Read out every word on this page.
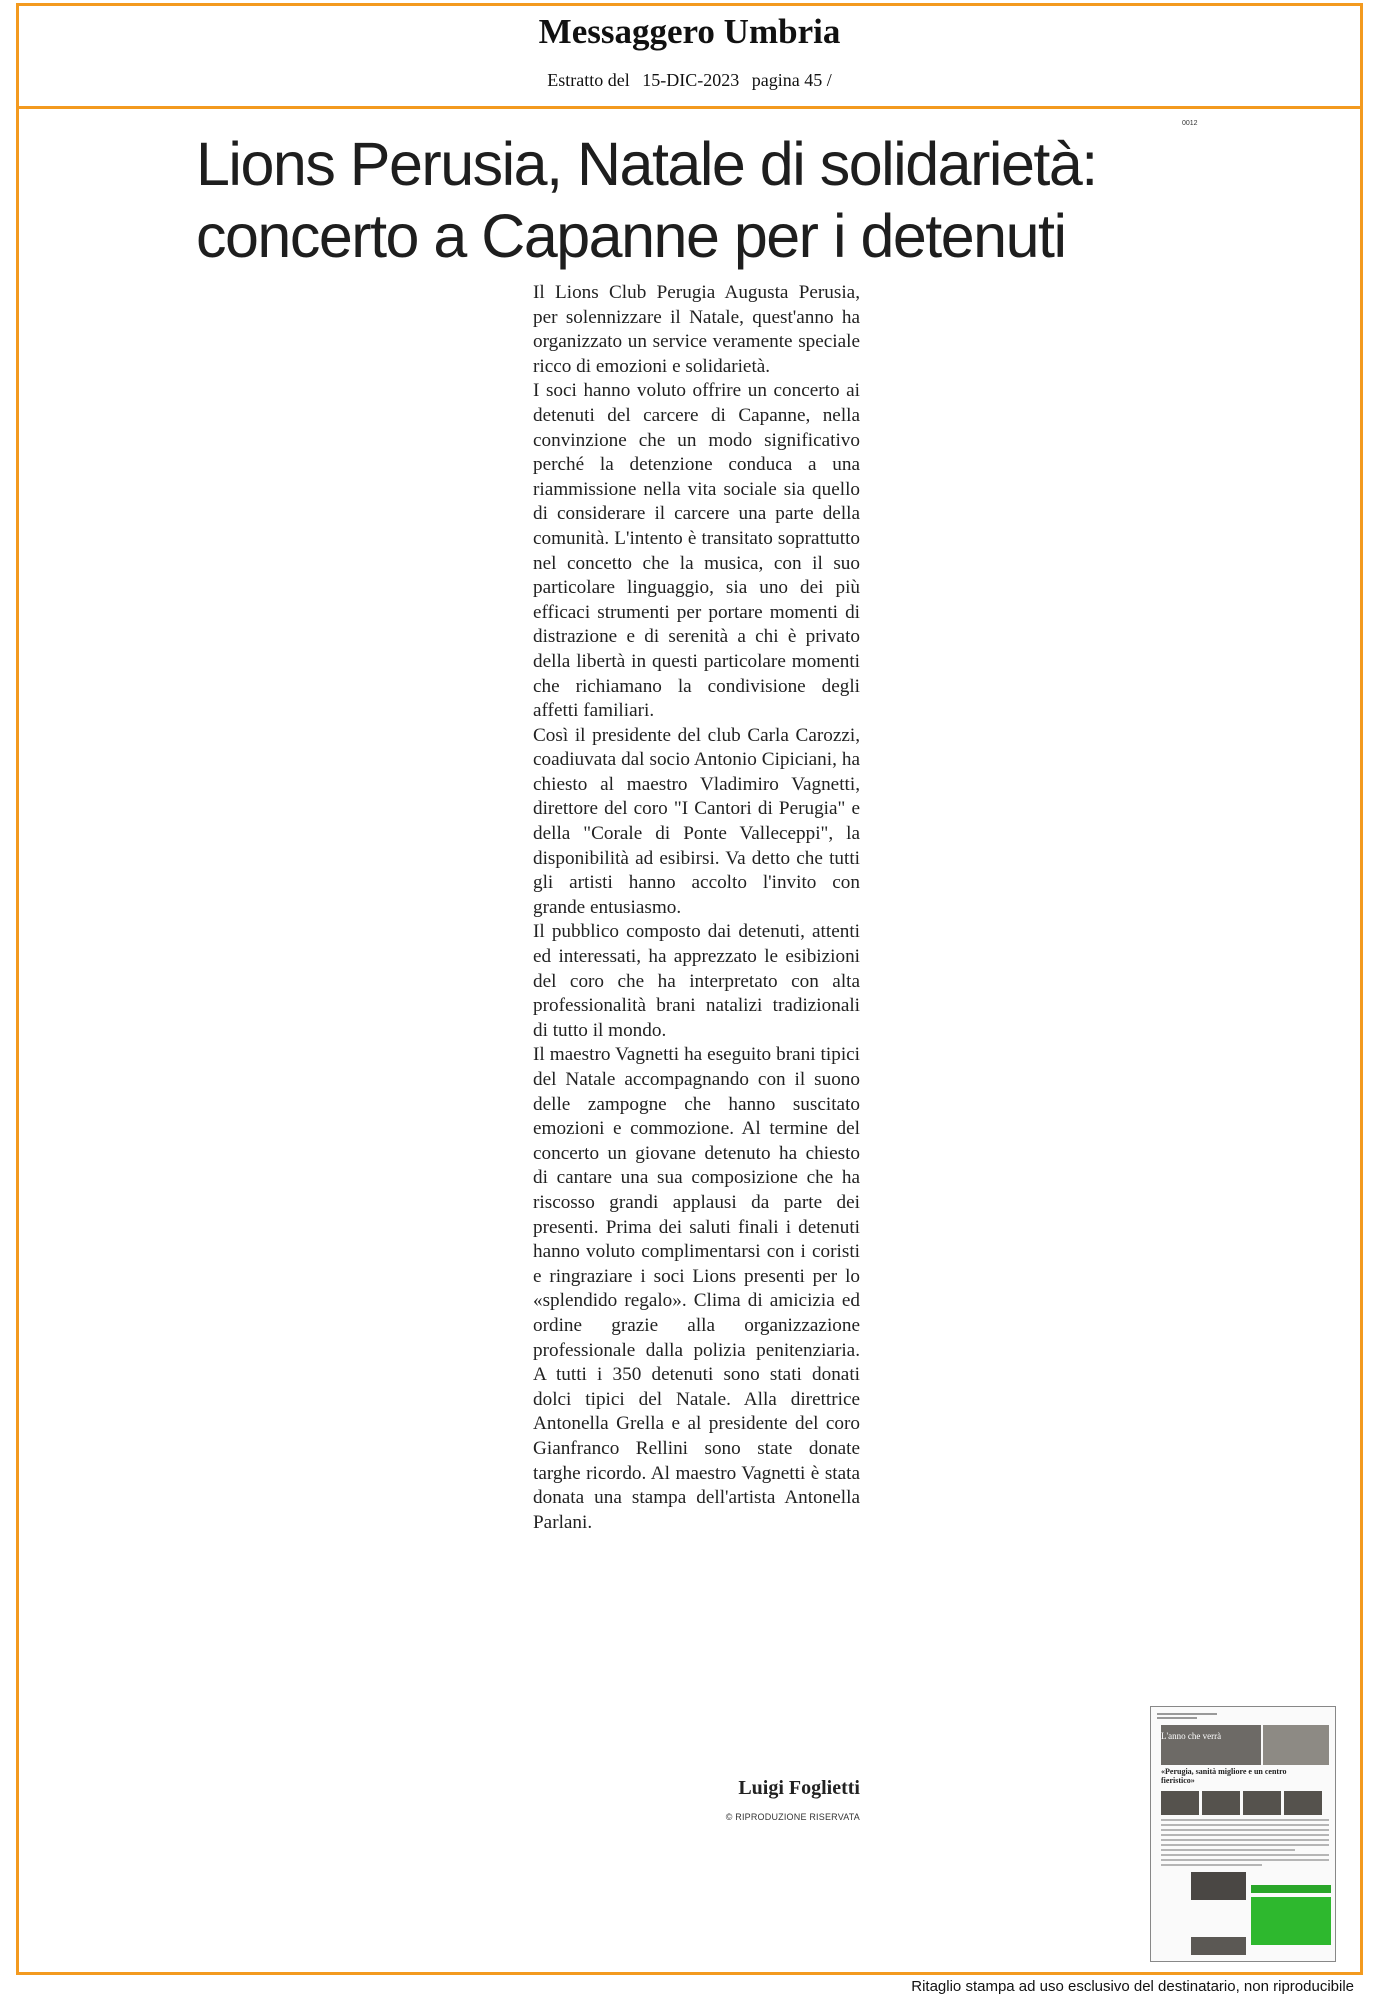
Messaggero Umbria
Estratto del 15-DIC-2023 pagina 45 /
0012
Lions Perusia, Natale di solidarietà:
concerto a Capanne per i detenuti

Il Lions Club Perugia Augusta Perusia, per solennizzare il Natale, quest'anno ha organizzato un service veramente speciale ricco di emozioni e solidarietà.

I soci hanno voluto offrire un concerto ai detenuti del carcere di Capanne, nella convinzione che un modo significativo perché la detenzione conduca a una riammissione nella vita sociale sia quello di considerare il carcere una parte della comunità. L'intento è transitato soprattutto nel concetto che la musica, con il suo particolare linguaggio, sia uno dei più efficaci strumenti per portare momenti di distrazione e di serenità a chi è privato della libertà in questi particolare momenti che richiamano la condivisione degli affetti familiari.

Così il presidente del club Carla Carozzi, coadiuvata dal socio Antonio Cipiciani, ha chiesto al maestro Vladimiro Vagnetti, direttore del coro "I Cantori di Perugia" e della "Corale di Ponte Valleceppi", la disponibilità ad esibirsi. Va detto che tutti gli artisti hanno accolto l'invito con grande entusiasmo.

Il pubblico composto dai detenuti, attenti ed interessati, ha apprezzato le esibizioni del coro che ha interpretato con alta professionalità brani natalizi tradizionali di tutto il mondo.

Il maestro Vagnetti ha eseguito brani tipici del Natale accompagnando con il suono delle zampogne che hanno suscitato emozioni e commozione. Al termine del concerto un giovane detenuto ha chiesto di cantare una sua composizione che ha riscosso grandi applausi da parte dei presenti. Prima dei saluti finali i detenuti hanno voluto complimentarsi con i coristi e ringraziare i soci Lions presenti per lo «splendido regalo». Clima di amicizia ed ordine grazie alla organizzazione professionale dalla polizia penitenziaria. A tutti i 350 detenuti sono stati donati dolci tipici del Natale. Alla direttrice Antonella Grella e al presidente del coro Gianfranco Rellini sono state donate targhe ricordo. Al maestro Vagnetti è stata donata una stampa dell'artista Antonella Parlani.

Luigi Foglietti
© RIPRODUZIONE RISERVATA
L'anno che verrà
«Perugia, sanità migliore e un centro fieristico»
Ritaglio stampa ad uso esclusivo del destinatario, non riproducibile
